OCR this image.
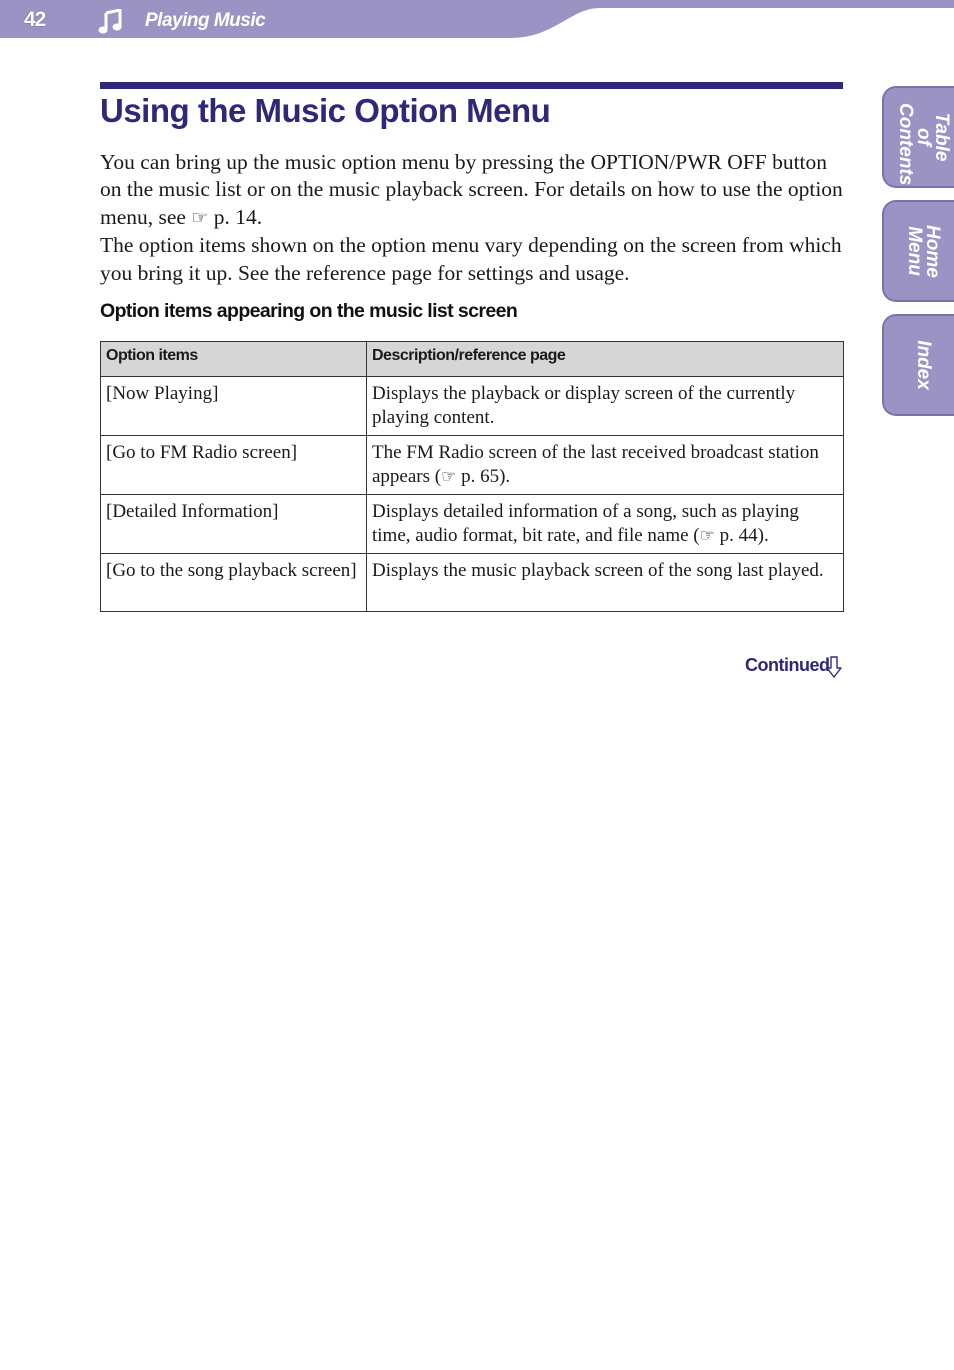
42	Playing Music
Table of Contents
Home Menu
Index
Using the Music Option Menu

You can bring up the music option menu by pressing the OPTION/PWR OFF button on the music list or on the music playback screen. For details on how to use the option menu, see ☞ p. 14.

The option items shown on the option menu vary depending on the screen from which you bring it up. See the reference page for settings and usage.

Option items appearing on the music list screen
Option items	Description/reference page
[Now Playing]	Displays the playback or display screen of the currently playing content.
[Go to FM Radio screen]	The FM Radio screen of the last received broadcast station appears (☞ p. 65).
[Detailed Information]	Displays detailed information of a song, such as playing time, audio format, bit rate, and file name (☞ p. 44).
[Go to the song playback screen]	Displays the music playback screen of the song last played.
Continued
